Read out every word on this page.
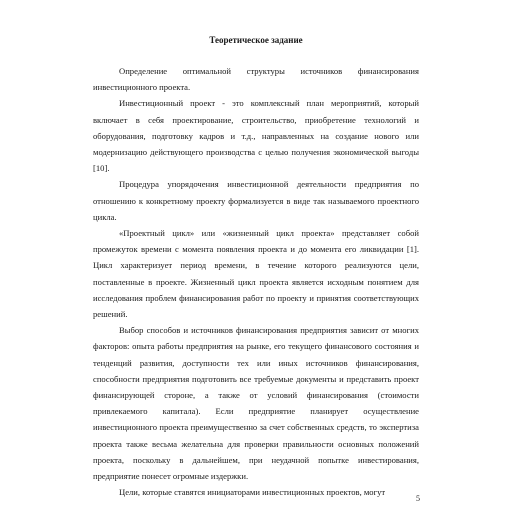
Теоретическое задание

Определение оптимальной структуры источников финансирования инвестиционного проекта.

Инвестиционный проект - это комплексный план мероприятий, который включает в себя проектирование, строительство, приобретение технологий и оборудования, подготовку кадров и т.д., направленных на создание нового или модернизацию действующего производства с целью получения экономической выгоды [10].

Процедура упорядочения инвестиционной деятельности предприятия по отношению к конкретному проекту формализуется в виде так называемого проектного цикла.

«Проектный цикл» или «жизненный цикл проекта» представляет собой промежуток времени с момента появления проекта и до момента его ликвидации [1]. Цикл характеризует период времени, в течение которого реализуются цели, поставленные в проекте. Жизненный цикл проекта является исходным понятием для исследования проблем финансирования работ по проекту и принятия соответствующих решений.

Выбор способов и источников финансирования предприятия зависит от многих факторов: опыта работы предприятия на рынке, его текущего финансового состояния и тенденций развития, доступности тех или иных источников финансирования, способности предприятия подготовить все требуемые документы и представить проект финансирующей стороне, а также от условий финансирования (стоимости привлекаемого капитала). Если предприятие планирует осуществление инвестиционного проекта преимущественно за счет собственных средств, то экспертиза проекта также весьма желательна для проверки правильности основных положений проекта, поскольку в дальнейшем, при неудачной попытке инвестирования, предприятие понесет огромные издержки.

Цели, которые ставятся инициаторами инвестиционных проектов, могут

5
